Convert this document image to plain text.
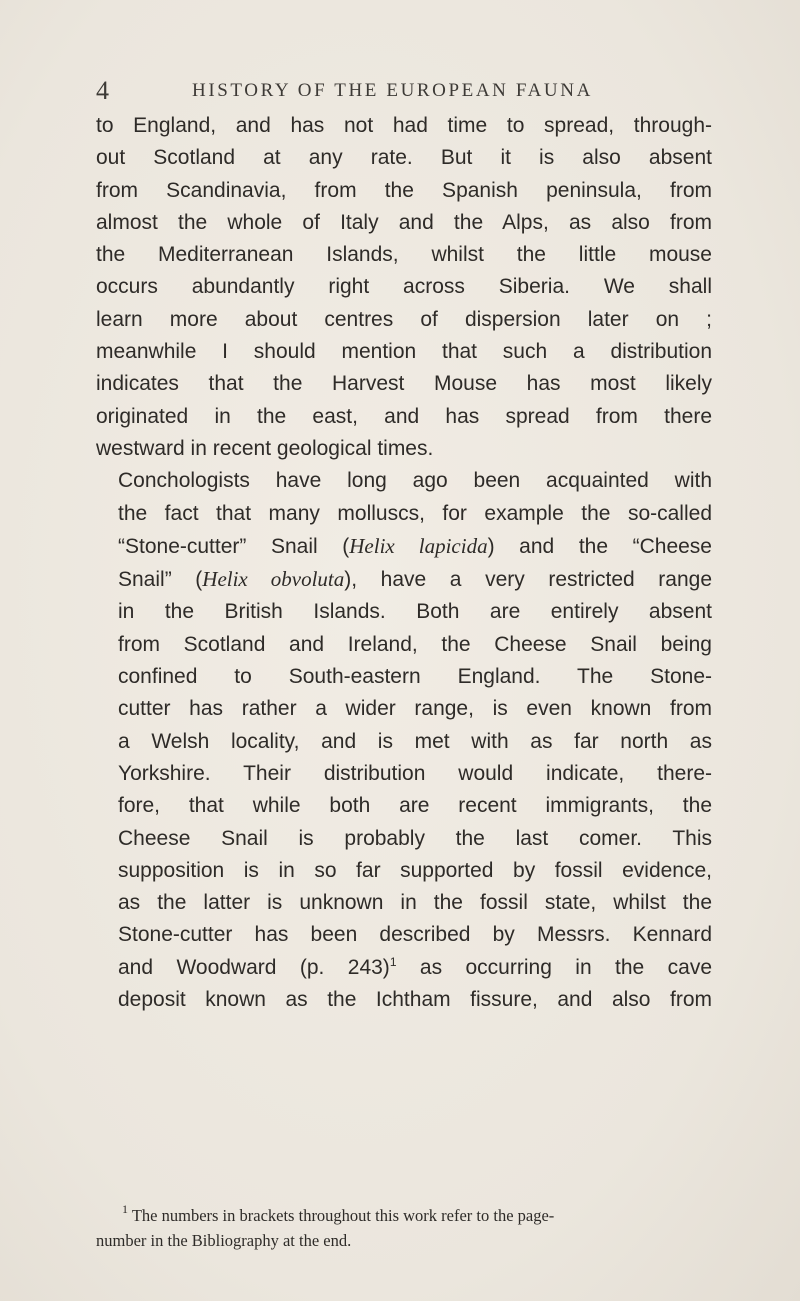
4	HISTORY OF THE EUROPEAN FAUNA

to England, and has not had time to spread, through-
out Scotland at any rate. But it is also absent
from Scandinavia, from the Spanish peninsula, from
almost the whole of Italy and the Alps, as also from
the Mediterranean Islands, whilst the little mouse
occurs abundantly right across Siberia. We shall
learn more about centres of dispersion later on ;
meanwhile I should mention that such a distribution
indicates that the Harvest Mouse has most likely
originated in the east, and has spread from there
westward in recent geological times.

Conchologists have long ago been acquainted with
the fact that many molluscs, for example the so-called
“Stone-cutter” Snail (Helix lapicida) and the “Cheese
Snail” (Helix obvoluta), have a very restricted range
in the British Islands. Both are entirely absent
from Scotland and Ireland, the Cheese Snail being
confined to South-eastern England. The Stone-
cutter has rather a wider range, is even known from
a Welsh locality, and is met with as far north as
Yorkshire. Their distribution would indicate, there-
fore, that while both are recent immigrants, the
Cheese Snail is probably the last comer. This
supposition is in so far supported by fossil evidence,
as the latter is unknown in the fossil state, whilst the
Stone-cutter has been described by Messrs. Kennard
and Woodward (p. 243)$^1$ as occurring in the cave
deposit known as the Ichtham fissure, and also from

$^1$ The numbers in brackets throughout this work refer to the page-
number in the Bibliography at the end.
